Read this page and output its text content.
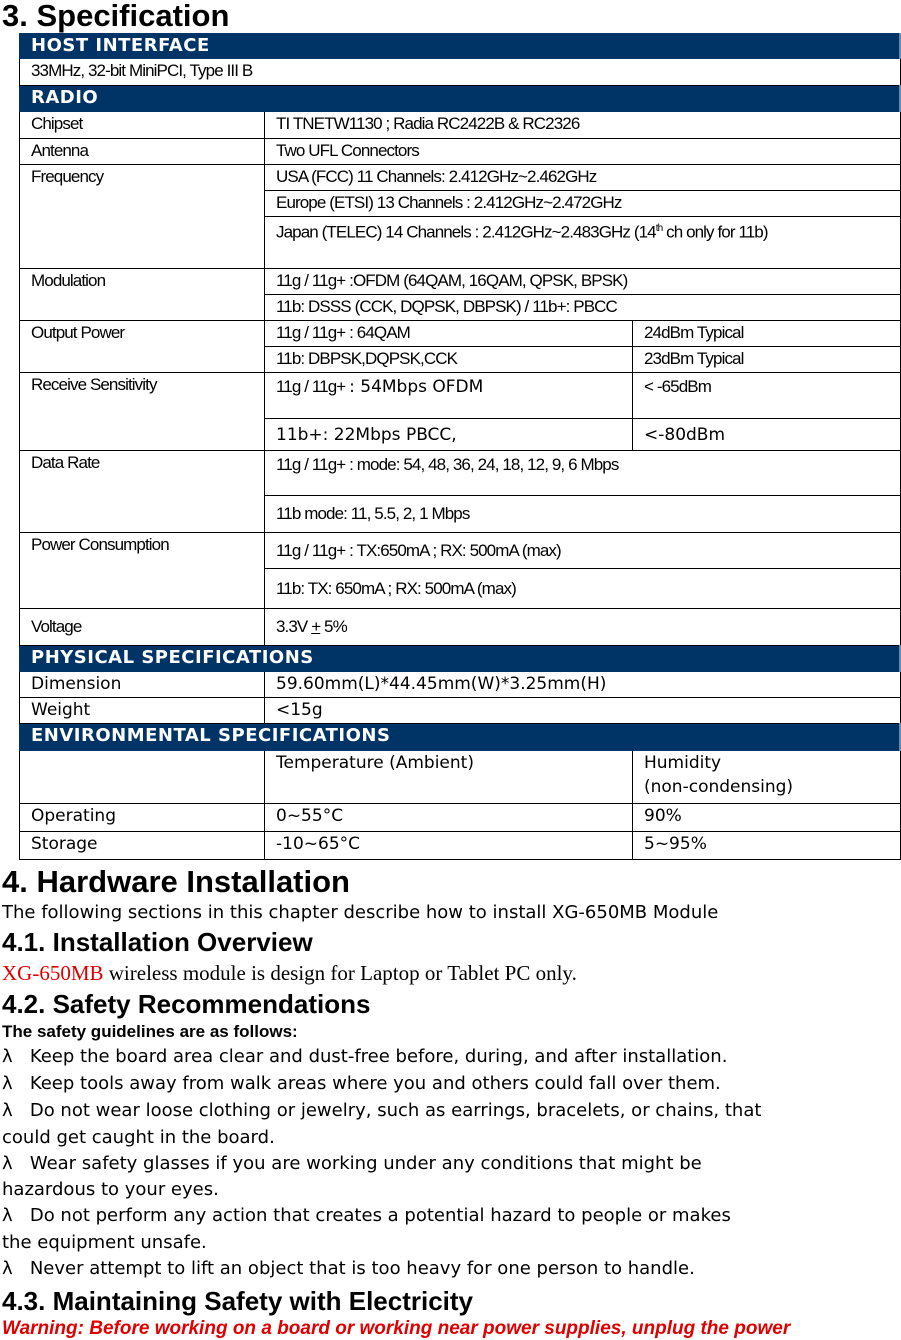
3. Specification
HOST INTERFACE		
33MHz, 32-bit MiniPCI, Type III B		
RADIO		
Chipset	TI TNETW1130 ; Radia RC2422B & RC2326	
Antenna	Two UFL Connectors	
Frequency	USA (FCC) 11 Channels: 2.412GHz~2.462GHz	
	Europe (ETSI) 13 Channels : 2.412GHz~2.472GHz	
	Japan (TELEC) 14 Channels : 2.412GHz~2.483GHz (14th ch only for 11b)	
Modulation	11g / 11g+ :OFDM (64QAM, 16QAM, QPSK, BPSK)	
	11b: DSSS (CCK, DQPSK, DBPSK) / 11b+: PBCC	
Output Power	11g / 11g+ : 64QAM	24dBm Typical
	11b: DBPSK,DQPSK,CCK	23dBm Typical
Receive Sensitivity	11g / 11g+ : 54Mbps OFDM	< -65dBm
	11b+: 22Mbps PBCC,	<-80dBm
Data Rate	11g / 11g+ : mode: 54, 48, 36, 24, 18, 12, 9, 6 Mbps	
	11b mode: 11, 5.5, 2, 1 Mbps	
Power Consumption	11g / 11g+ : TX:650mA ; RX: 500mA (max)	
	11b: TX: 650mA ; RX: 500mA (max)	
Voltage	3.3V + 5%	
PHYSICAL SPECIFICATIONS		
Dimension	59.60mm(L)*44.45mm(W)*3.25mm(H)	
Weight	<15g	
ENVIRONMENTAL SPECIFICATIONS		
	Temperature (Ambient)	Humidity
(non-condensing)

Operating	0~55°C	90%
Storage	-10~65°C	5~95%
4. Hardware Installation
The following sections in this chapter describe how to install XG-650MB Module
4.1. Installation Overview
XG-650MB wireless module is design for Laptop or Tablet PC only.
4.2. Safety Recommendations
The safety guidelines are as follows:
λ Keep the board area clear and dust-free before, during, and after installation.
λ Keep tools away from walk areas where you and others could fall over them.
λ Do not wear loose clothing or jewelry, such as earrings, bracelets, or chains, that
could get caught in the board.
λ Wear safety glasses if you are working under any conditions that might be
hazardous to your eyes.
λ Do not perform any action that creates a potential hazard to people or makes
the equipment unsafe.
λ Never attempt to lift an object that is too heavy for one person to handle.
4.3. Maintaining Safety with Electricity
Warning: Before working on a board or working near power supplies, unplug the power
